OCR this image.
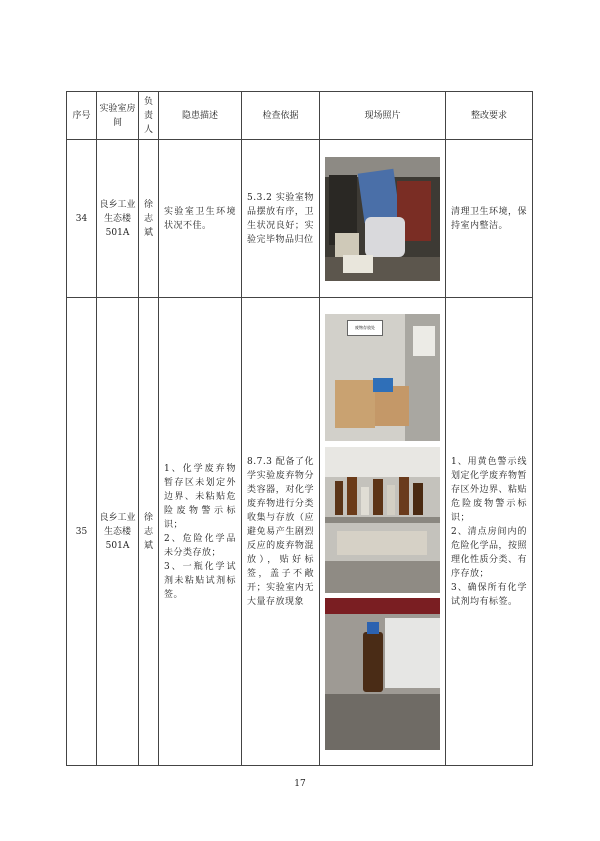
序号	实验室房间	负责人	隐患描述	检查依据	现场照片	整改要求

34	良乡工业生态楼501A	徐志斌	实验室卫生环境状况不佳。	5.3.2 实验室物品摆放有序，卫生状况良好；实验完毕物品归位		清理卫生环境，保持室内整洁。

35	良乡工业生态楼501A	徐志斌	1、化学废弃物暂存区未划定外边界、未粘贴危险废物警示标识；
2、危险化学品未分类存放；
3、一瓶化学试剂未粘贴试剂标签。	8.7.3 配备了化学实验废弃物分类容器，对化学废弃物进行分类收集与存放（应避免易产生剧烈反应的废弃物混放），贴好标签，盖子不敞开；实验室内无大量存放现象	废物存放处	1、用黄色警示线划定化学废弃物暂存区外边界、粘贴危险废物警示标识；
2、清点房间内的危险化学品，按照理化性质分类、有序存放；
3、确保所有化学试剂均有标签。
17
